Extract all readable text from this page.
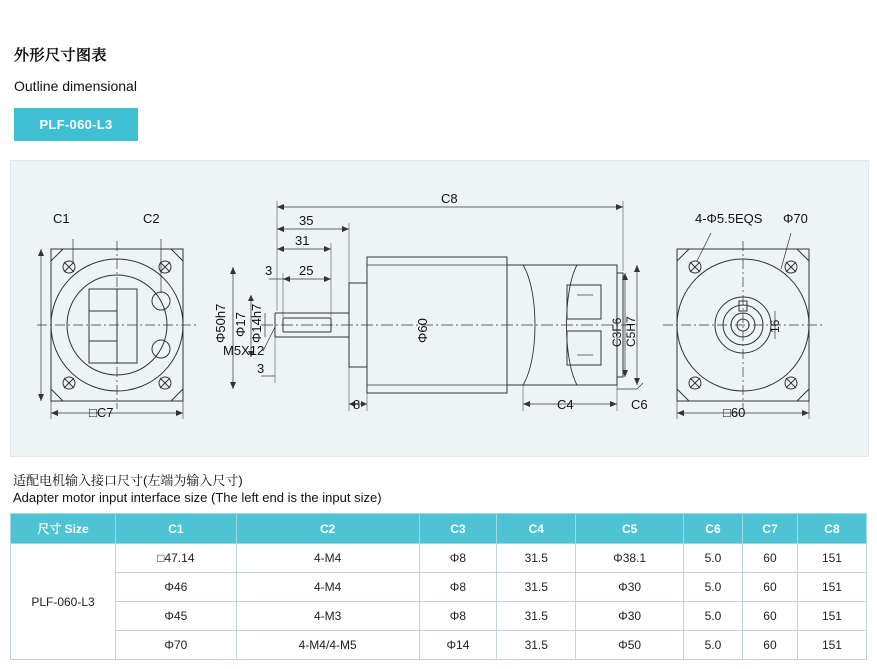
外形尺寸图表
Outline dimensional
PLF-060-L3
C1	C2
□C7
C8
35
31
25
3
3
8	C4	C6
Φ50h7 Φ17 Φ14h7
M5X12
Φ60	C3F6 C5H7
4-Φ5.5EQS Φ70
16
□60
适配电机输入接口尺寸(左端为输入尺寸)
Adapter motor input interface size (The left end is the input size)
尺寸 Size	C1	C2	C3	C4	C5	C6	C7	C8
PLF-060-L3	□47.14	4-M4	Φ8	31.5	Φ38.1	5.0	60	151
	Φ46	4-M4	Φ8	31.5	Φ30	5.0	60	151
	Φ45	4-M3	Φ8	31.5	Φ30	5.0	60	151
	Φ70	4-M4/4-M5	Φ14	31.5	Φ50	5.0	60	151
